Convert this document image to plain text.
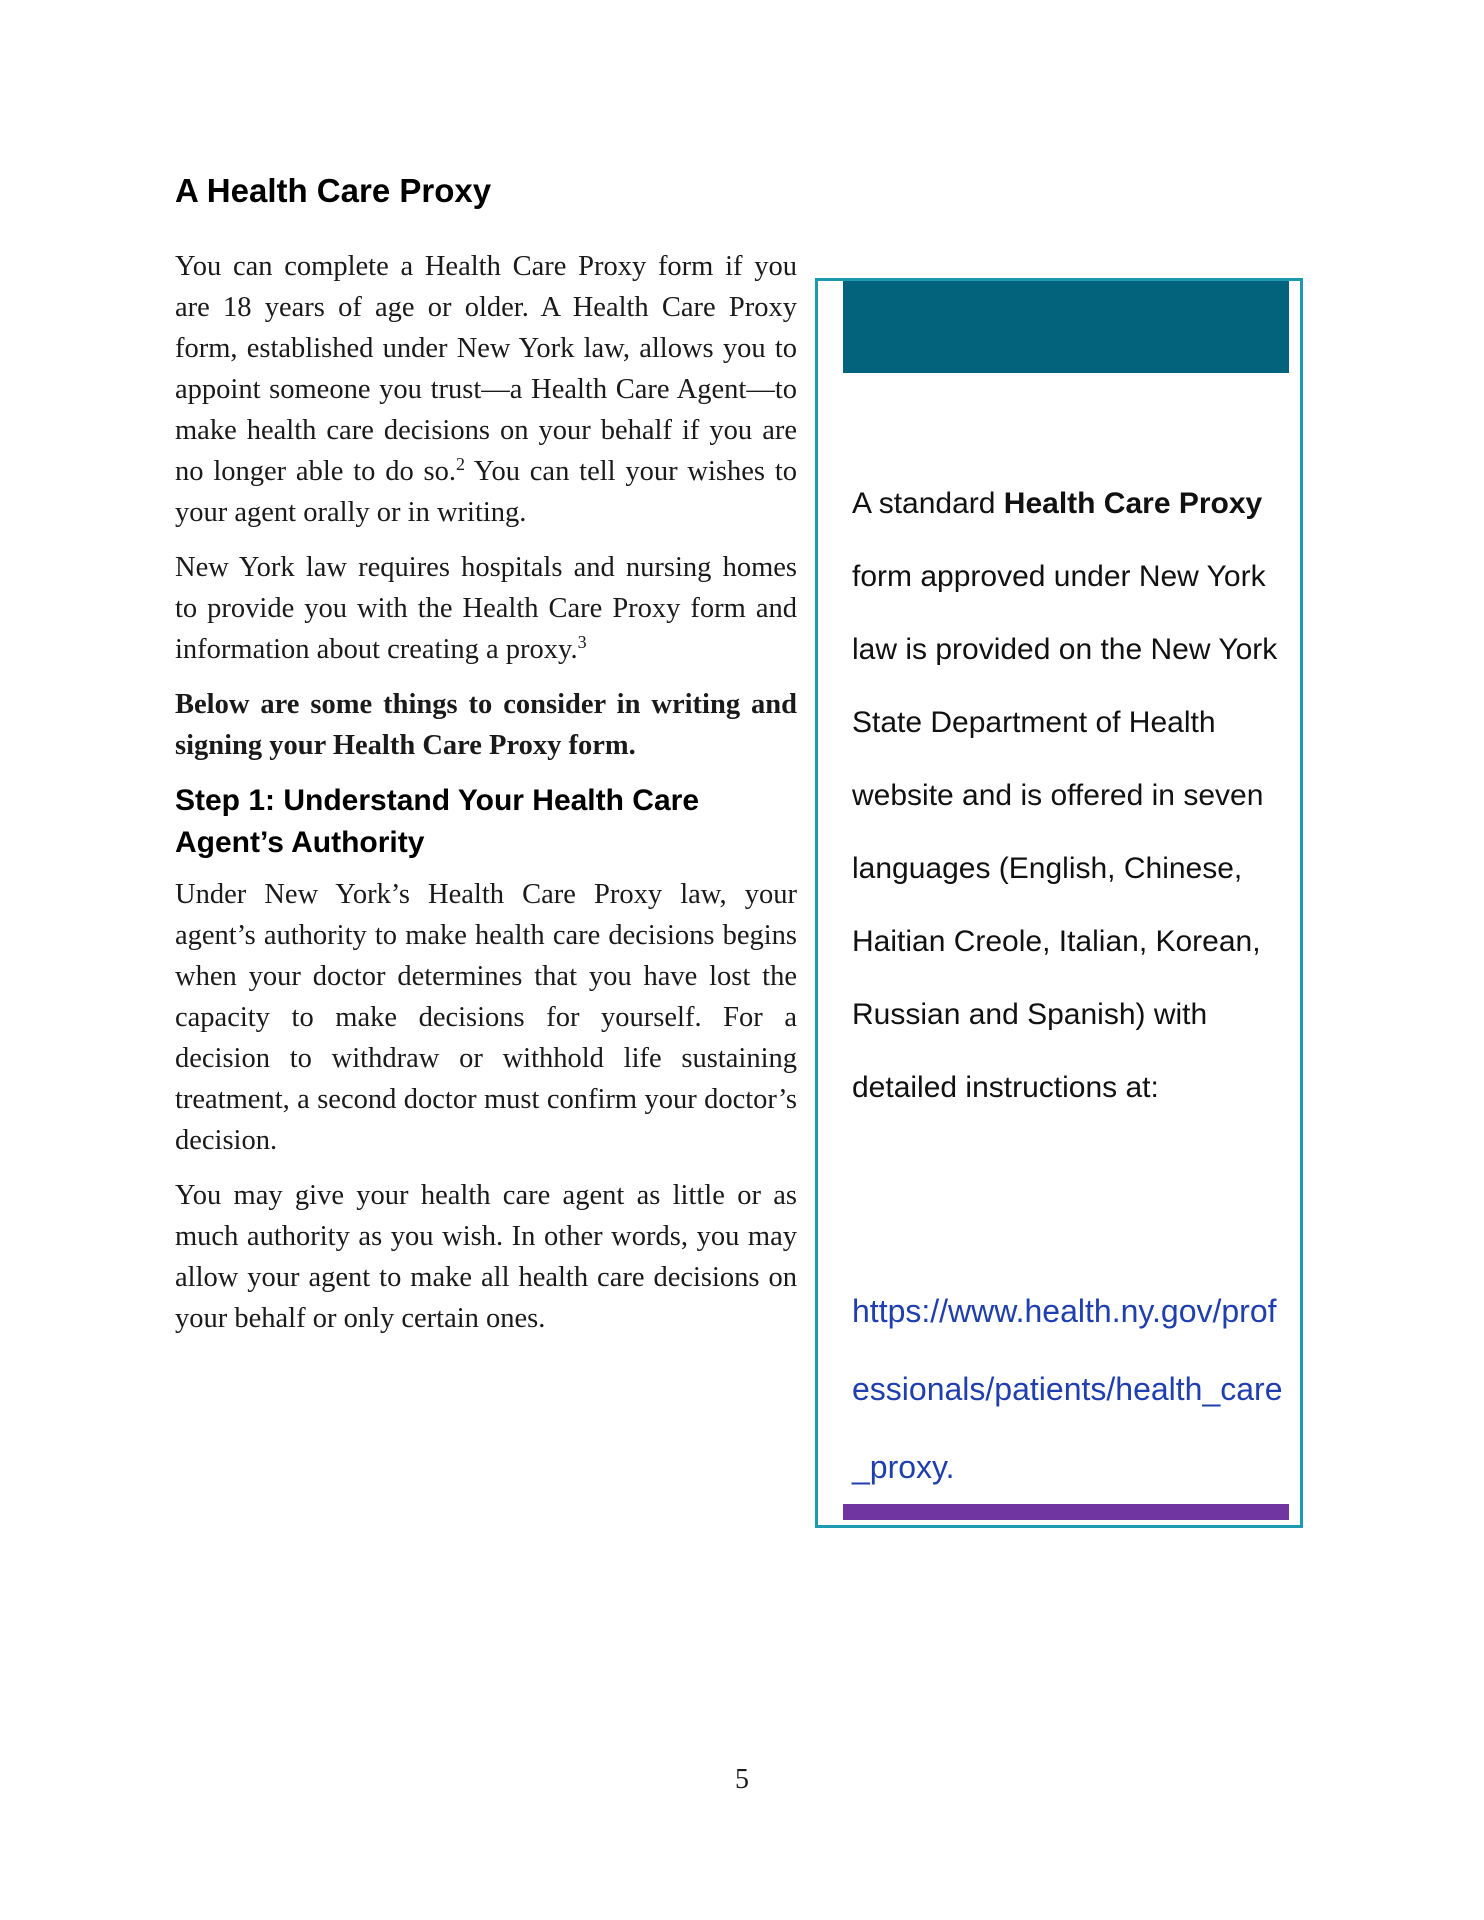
A Health Care Proxy

You can complete a Health Care Proxy form if you are 18 years of age or older. A Health Care Proxy form, established under New York law, allows you to appoint someone you trust—a Health Care Agent—to make health care decisions on your behalf if you are no longer able to do so.$^2$ You can tell your wishes to your agent orally or in writing.

New York law requires hospitals and nursing homes to provide you with the Health Care Proxy form and information about creating a proxy.$^3$

Below are some things to consider in writing and signing your Health Care Proxy form.

Step 1: Understand Your Health Care Agent’s Authority

Under New York’s Health Care Proxy law, your agent’s authority to make health care decisions begins when your doctor determines that you have lost the capacity to make decisions for yourself. For a decision to withdraw or withhold life sustaining treatment, a second doctor must confirm your doctor’s decision.

You may give your health care agent as little or as much authority as you wish. In other words, you may allow your agent to make all health care decisions on your behalf or only certain ones.

A standard Health Care Proxy form approved under New York law is provided on the New York State Department of Health website and is offered in seven languages (English, Chinese, Haitian Creole, Italian, Korean, Russian and Spanish) with detailed instructions at:

https://www.health.ny.gov/professionals/patients/health_care_proxy.
5
